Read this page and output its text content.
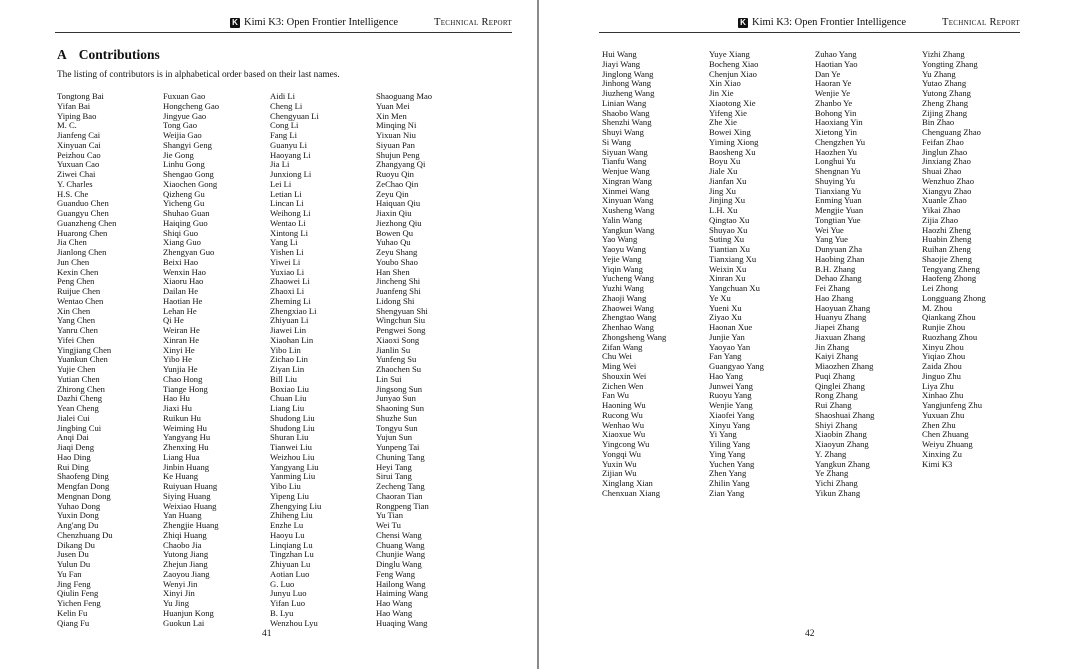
K Kimi K3: Open Frontier Intelligence	Technical Report
A Contributions
The listing of contributors is in alphabetical order based on their last names.
Tongtong Bai
Yifan Bai
Yiping Bao
M. C.
Jianfeng Cai
Xinyuan Cai
Peizhou Cao
Yuxuan Cao
Ziwei Chai
Y. Charles
H.S. Che
Guanduo Chen
Guangyu Chen
Guanzheng Chen
Huarong Chen
Jia Chen
Jianlong Chen
Jun Chen
Kexin Chen
Peng Chen
Ruijue Chen
Wentao Chen
Xin Chen
Yang Chen
Yanru Chen
Yifei Chen
Yingjiang Chen
Yuankun Chen
Yujie Chen
Yutian Chen
Zhirong Chen
Dazhi Cheng
Yean Cheng
Jialei Cui
Jingbing Cui
Anqi Dai
Jiaqi Deng
Hao Ding
Rui Ding
Shaofeng Ding
Mengfan Dong
Mengnan Dong
Yuhao Dong
Yuxin Dong
Ang'ang Du
Chenzhuang Du
Dikang Du
Jusen Du
Yulun Du
Yu Fan
Jing Feng
Qiulin Feng
Yichen Feng
Kelin Fu
Qiang Fu
Fuxuan Gao
Hongcheng Gao
Jingyue Gao
Tong Gao
Weijia Gao
Shangyi Geng
Jie Gong
Linhu Gong
Shengao Gong
Xiaochen Gong
Qizheng Gu
Yicheng Gu
Shuhao Guan
Haiqing Guo
Shiqi Guo
Xiang Guo
Zhengyan Guo
Beixi Hao
Wenxin Hao
Xiaoru Hao
Dailan He
Haotian He
Lehan He
Qi He
Weiran He
Xinran He
Xinyi He
Yibo He
Yunjia He
Chao Hong
Tiange Hong
Hao Hu
Jiaxi Hu
Ruikun Hu
Weiming Hu
Yangyang Hu
Zhenxing Hu
Liang Hua
Jinbin Huang
Ke Huang
Ruiyuan Huang
Siying Huang
Weixiao Huang
Yan Huang
Zhengjie Huang
Zhiqi Huang
Chaobo Jia
Yutong Jiang
Zhejun Jiang
Zaoyou Jiang
Wenyi Jin
Xinyi Jin
Yu Jing
Huanjun Kong
Guokun Lai
Aidi Li
Cheng Li
Chengyuan Li
Cong Li
Fang Li
Guanyu Li
Haoyang Li
Jia Li
Junxiong Li
Lei Li
Letian Li
Lincan Li
Weihong Li
Wentao Li
Xintong Li
Yang Li
Yishen Li
Yiwei Li
Yuxiao Li
Zhaowei Li
Zhaoxi Li
Zheming Li
Zhengxiao Li
Zhiyuan Li
Jiawei Lin
Xiaohan Lin
Yibo Lin
Zichao Lin
Ziyan Lin
Bill Liu
Boxiao Liu
Chuan Liu
Liang Liu
Shudong Liu
Shudong Liu
Shuran Liu
Tianwei Liu
Weizhou Liu
Yangyang Liu
Yanming Liu
Yibo Liu
Yipeng Liu
Zhengying Liu
Zhiheng Liu
Enzhe Lu
Haoyu Lu
Linqiang Lu
Tingzhan Lu
Zhiyuan Lu
Aotian Luo
G. Luo
Junyu Luo
Yifan Luo
B. Lyu
Wenzhou Lyu
Shaoguang Mao
Yuan Mei
Xin Men
Minqing Ni
Yixuan Niu
Siyuan Pan
Shujun Peng
Zhangyang Qi
Ruoyu Qin
ZeChao Qin
Zeyu Qin
Haiquan Qiu
Jiaxin Qiu
Jiezhong Qiu
Bowen Qu
Yuhao Qu
Zeyu Shang
Youbo Shao
Han Shen
Jincheng Shi
Juanfeng Shi
Lidong Shi
Shengyuan Shi
Wingchun Siu
Pengwei Song
Xiaoxi Song
Jianlin Su
Yunfeng Su
Zhaochen Su
Lin Sui
Jingsong Sun
Junyao Sun
Shaoning Sun
Shuzhe Sun
Tongyu Sun
Yujun Sun
Yunpeng Tai
Chuning Tang
Heyi Tang
Sirui Tang
Zecheng Tang
Chaoran Tian
Rongpeng Tian
Yu Tian
Wei Tu
Chensi Wang
Chuang Wang
Chunjie Wang
Dinglu Wang
Feng Wang
Hailong Wang
Haiming Wang
Hao Wang
Hao Wang
Huaqing Wang
41
K Kimi K3: Open Frontier Intelligence	Technical Report
Hui Wang
Jiayi Wang
Jinglong Wang
Jinhong Wang
Jiuzheng Wang
Linian Wang
Shaobo Wang
Shenzhi Wang
Shuyi Wang
Si Wang
Siyuan Wang
Tianfu Wang
Wenjue Wang
Xingran Wang
Xinmei Wang
Xinyuan Wang
Xusheng Wang
Yalin Wang
Yangkun Wang
Yao Wang
Yaoyu Wang
Yejie Wang
Yiqin Wang
Yucheng Wang
Yuzhi Wang
Zhaoji Wang
Zhaowei Wang
Zhengtao Wang
Zhenhao Wang
Zhongsheng Wang
Zifan Wang
Chu Wei
Ming Wei
Shouxin Wei
Zichen Wen
Fan Wu
Haoning Wu
Rucong Wu
Wenhao Wu
Xiaoxue Wu
Yingcong Wu
Yongqi Wu
Yuxin Wu
Zijian Wu
Xinglang Xian
Chenxuan Xiang
Yuye Xiang
Bocheng Xiao
Chenjun Xiao
Xin Xiao
Jin Xie
Xiaotong Xie
Yifeng Xie
Zhe Xie
Bowei Xing
Yiming Xiong
Baosheng Xu
Boyu Xu
Jiale Xu
Jianfan Xu
Jing Xu
Jinjing Xu
L.H. Xu
Qingtao Xu
Shuyao Xu
Suting Xu
Tiantian Xu
Tianxiang Xu
Weixin Xu
Xinran Xu
Yangchuan Xu
Ye Xu
Yueni Xu
Ziyao Xu
Haonan Xue
Junjie Yan
Yaoyao Yan
Fan Yang
Guangyao Yang
Hao Yang
Junwei Yang
Ruoyu Yang
Wenjie Yang
Xiaofei Yang
Xinyu Yang
Yi Yang
Yiling Yang
Ying Yang
Yuchen Yang
Zhen Yang
Zhilin Yang
Zian Yang
Zuhao Yang
Haotian Yao
Dan Ye
Haoran Ye
Wenjie Ye
Zhanbo Ye
Bohong Yin
Haoxiang Yin
Xietong Yin
Chengzhen Yu
Haozhen Yu
Longhui Yu
Shengnan Yu
Shuying Yu
Tianxiang Yu
Enming Yuan
Mengjie Yuan
Tongtian Yue
Wei Yue
Yang Yue
Dunyuan Zha
Haobing Zhan
B.H. Zhang
Dehao Zhang
Fei Zhang
Hao Zhang
Haoyuan Zhang
Huanyu Zhang
Jiapei Zhang
Jiaxuan Zhang
Jin Zhang
Kaiyi Zhang
Miaozhen Zhang
Puqi Zhang
Qinglei Zhang
Rong Zhang
Rui Zhang
Shaoshuai Zhang
Shiyi Zhang
Xiaobin Zhang
Xiaoyun Zhang
Y. Zhang
Yangkun Zhang
Ye Zhang
Yichi Zhang
Yikun Zhang
Yizhi Zhang
Yongting Zhang
Yu Zhang
Yutao Zhang
Yutong Zhang
Zheng Zhang
Zijing Zhang
Bin Zhao
Chenguang Zhao
Feifan Zhao
Jinglun Zhao
Jinxiang Zhao
Shuai Zhao
Wenzhuo Zhao
Xiangyu Zhao
Xuanle Zhao
Yikai Zhao
Zijia Zhao
Haozhi Zheng
Huabin Zheng
Ruihan Zheng
Shaojie Zheng
Tengyang Zheng
Haofeng Zhong
Lei Zhong
Longguang Zhong
M. Zhou
Qiankang Zhou
Runjie Zhou
Ruozhang Zhou
Xinyu Zhou
Yiqiao Zhou
Zaida Zhou
Jinguo Zhu
Liya Zhu
Xinhao Zhu
Yangjunfeng Zhu
Yuxuan Zhu
Zhen Zhu
Chen Zhuang
Weiyu Zhuang
Xinxing Zu
Kimi K3
42
